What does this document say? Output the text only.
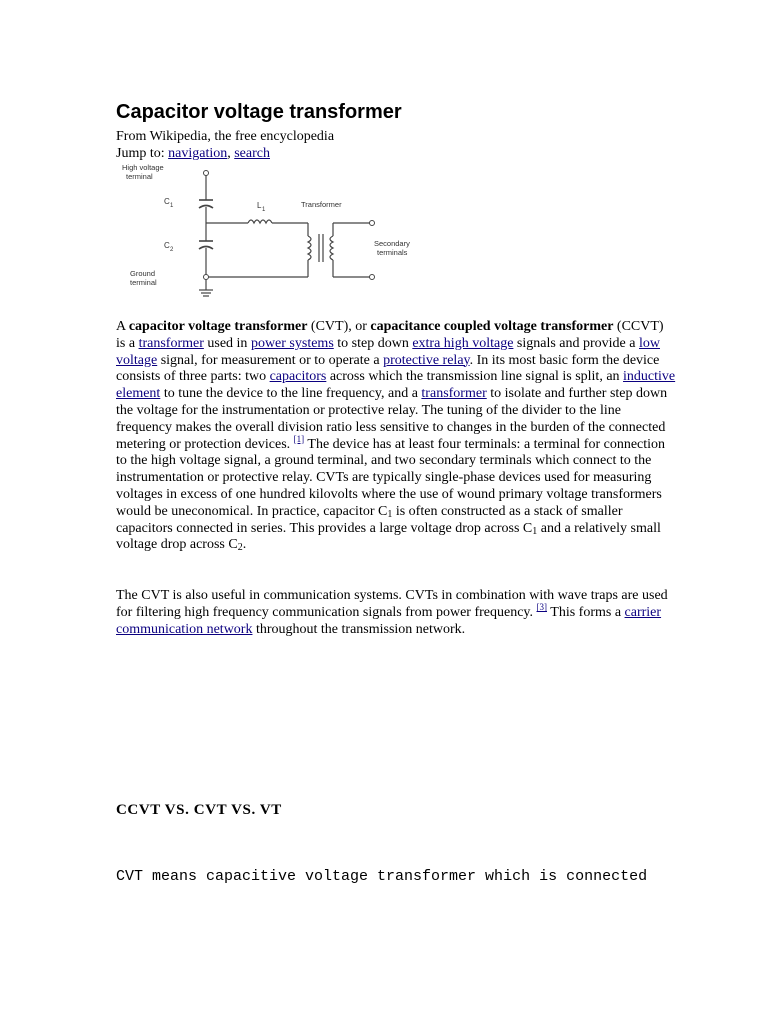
Capacitor voltage transformer
From Wikipedia, the free encyclopedia
Jump to: navigation, search
High voltage
terminal
C 1
C 2
L 1
Transformer
Secondary
terminals
Ground
terminal

A capacitor voltage transformer (CVT), or capacitance coupled voltage transformer (CCVT) is a transformer used in power systems to step down extra high voltage signals and provide a low voltage signal, for measurement or to operate a protective relay. In its most basic form the device consists of three parts: two capacitors across which the transmission line signal is split, an inductive element to tune the device to the line frequency, and a transformer to isolate and further step down the voltage for the instrumentation or protective relay. The tuning of the divider to the line frequency makes the overall division ratio less sensitive to changes in the burden of the connected metering or protection devices. [1] The device has at least four terminals: a terminal for connection to the high voltage signal, a ground terminal, and two secondary terminals which connect to the instrumentation or protective relay. CVTs are typically single-phase devices used for measuring voltages in excess of one hundred kilovolts where the use of wound primary voltage transformers would be uneconomical. In practice, capacitor $C_1$ is often constructed as a stack of smaller capacitors connected in series. This provides a large voltage drop across $C_1$ and a relatively small voltage drop across $C_2$.

The CVT is also useful in communication systems. CVTs in combination with wave traps are used for filtering high frequency communication signals from power frequency. [3] This forms a carrier communication network throughout the transmission network.

CCVT VS. CVT VS. VT

CVT means capacitive voltage transformer which is connected
